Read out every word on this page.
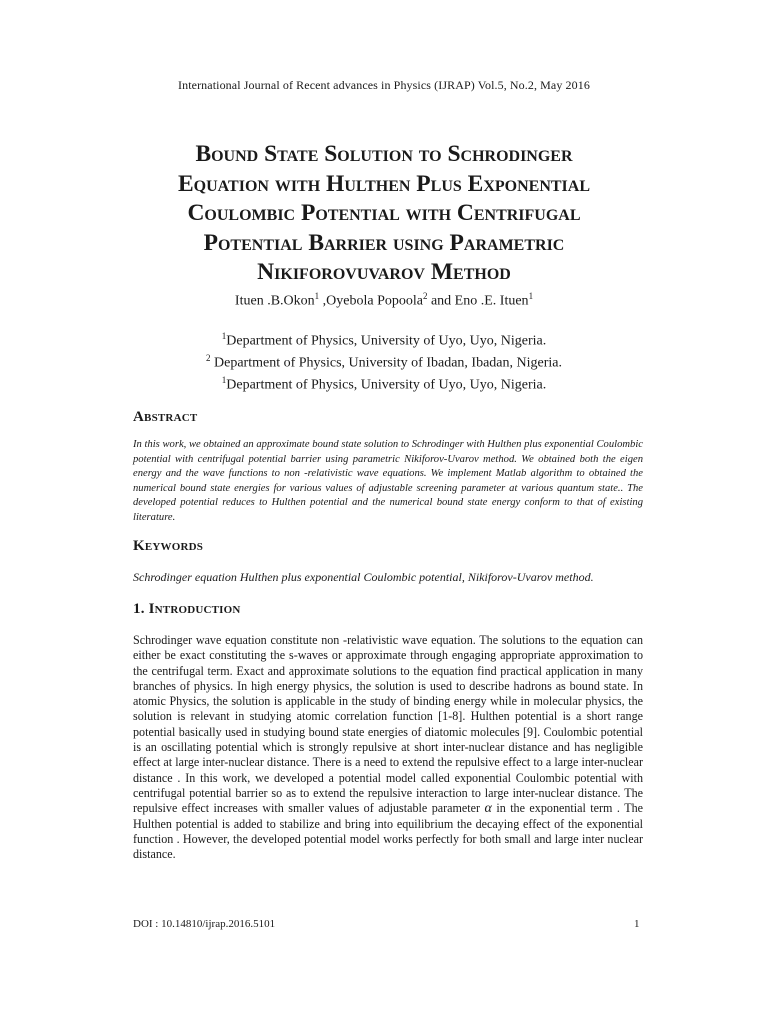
International Journal of Recent advances in Physics (IJRAP) Vol.5, No.2, May 2016
Bound State Solution to Schrodinger
Equation with Hulthen Plus Exponential
Coulombic Potential with Centrifugal
Potential Barrier using Parametric
Nikiforovuvarov Method
Ituen .B.Okon$^1$ ,Oyebola Popoola$^2$ and Eno .E. Ituen$^1$
$^1$Department of Physics, University of Uyo, Uyo, Nigeria.
$^2$ Department of Physics, University of Ibadan, Ibadan, Nigeria.
$^1$Department of Physics, University of Uyo, Uyo, Nigeria.
Abstract

In this work, we obtained an approximate bound state solution to Schrodinger with Hulthen plus exponential Coulombic potential with centrifugal potential barrier using parametric Nikiforov-Uvarov method. We obtained both the eigen energy and the wave functions to non -relativistic wave equations. We implement Matlab algorithm to obtained the numerical bound state energies for various values of adjustable screening parameter at various quantum state.. The developed potential reduces to Hulthen potential and the numerical bound state energy conform to that of existing literature.

Keywords

Schrodinger equation Hulthen plus exponential Coulombic potential, Nikiforov-Uvarov method.

1. Introduction

Schrodinger wave equation constitute non -relativistic wave equation. The solutions to the equation can either be exact constituting the s-waves or approximate through engaging appropriate approximation to the centrifugal term. Exact and approximate solutions to the equation find practical application in many branches of physics. In high energy physics, the solution is used to describe hadrons as bound state. In atomic Physics, the solution is applicable in the study of binding energy while in molecular physics, the solution is relevant in studying atomic correlation function [1-8]. Hulthen potential is a short range potential basically used in studying bound state energies of diatomic molecules [9]. Coulombic potential is an oscillating potential which is strongly repulsive at short inter-nuclear distance and has negligible effect at large inter-nuclear distance. There is a need to extend the repulsive effect to a large inter-nuclear distance . In this work, we developed a potential model called exponential Coulombic potential with centrifugal potential barrier so as to extend the repulsive interaction to large inter-nuclear distance. The repulsive effect increases with smaller values of adjustable parameter α in the exponential term . The Hulthen potential is added to stabilize and bring into equilibrium the decaying effect of the exponential function . However, the developed potential model works perfectly for both small and large inter nuclear distance.

DOI : 10.14810/ijrap.2016.5101	1
